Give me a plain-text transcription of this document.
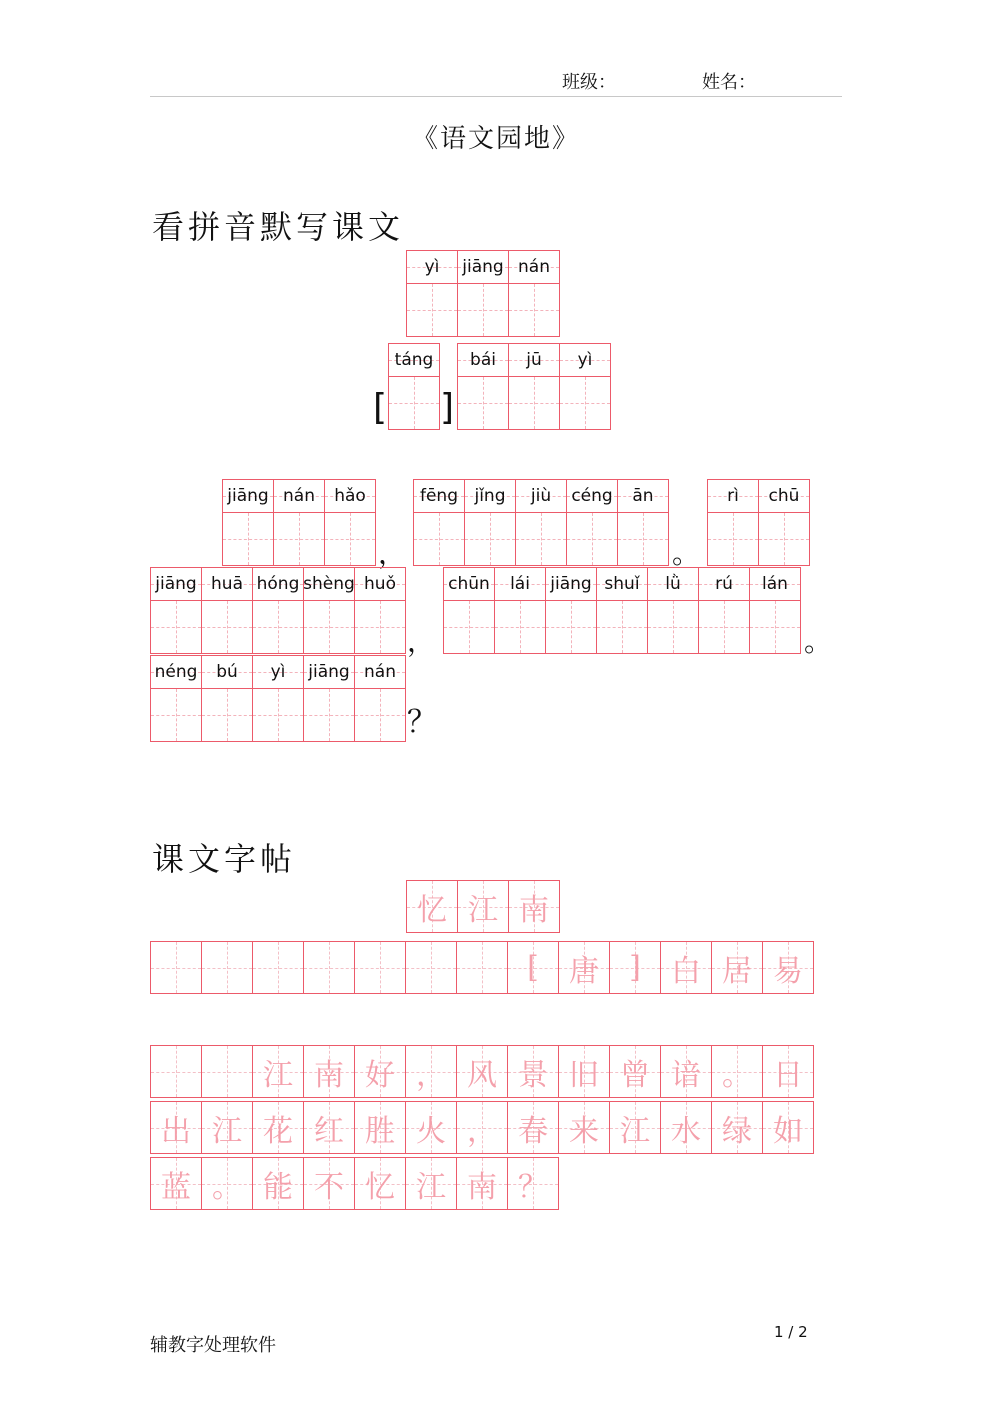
班级：	姓名：
《语文园地》
看拼音默写课文
yì jiāng nán
[
táng
]
bái jū yì
jiāng nán hǎo
，
fēng jǐng jiù céng ān
。
rì chū
jiāng huā hóng shèng huǒ
，
chūn lái jiāng shuǐ lǜ rú lán
。
néng bú yì jiāng nán
？
课文字帖
忆 江 南
[ 唐 ] 白 居 易
江 南 好 ， 风 景 旧 曾 谙 。 日
出 江 花 红 胜 火 ， 春 来 江 水 绿 如
蓝 。 能 不 忆 江 南 ？
辅教字处理软件
1 / 2
